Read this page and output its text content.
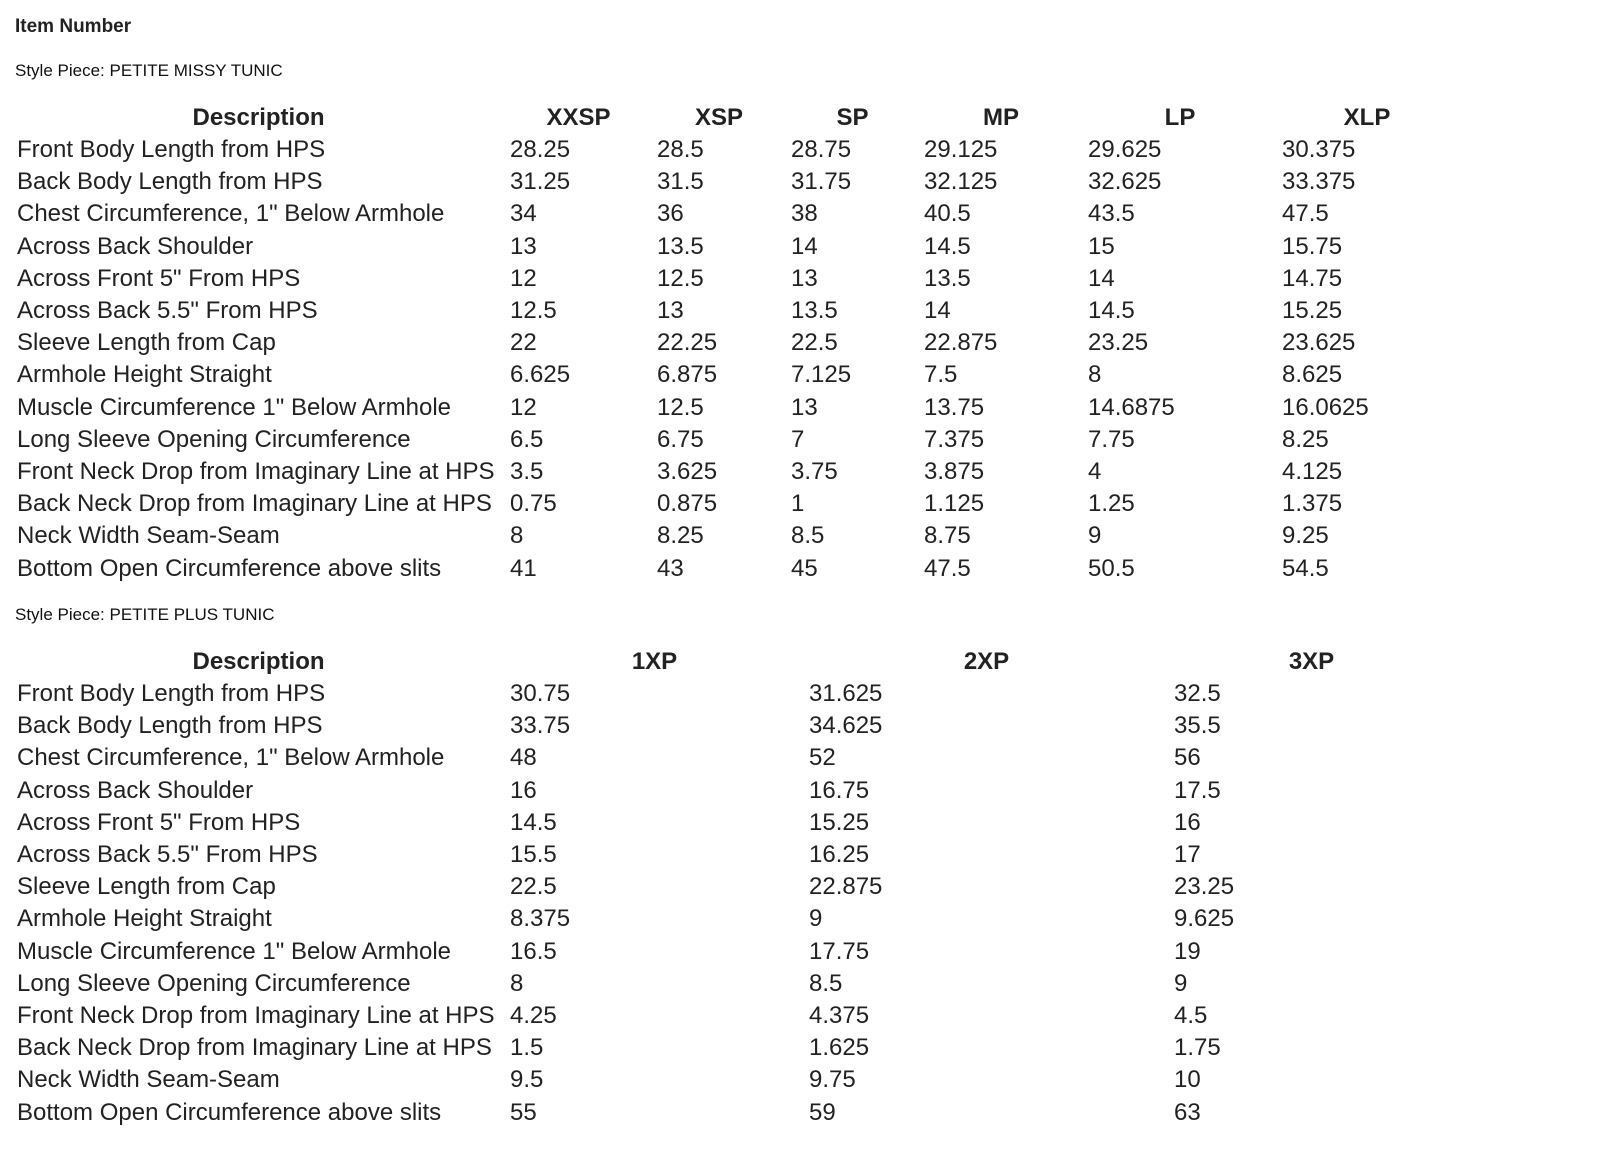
Item Number
Style Piece: PETITE MISSY TUNIC
Description	XXSP	XSP	SP	MP	LP	XLP
Front Body Length from HPS	28.25	28.5	28.75	29.125	29.625	30.375
Back Body Length from HPS	31.25	31.5	31.75	32.125	32.625	33.375
Chest Circumference, 1" Below Armhole	34	36	38	40.5	43.5	47.5
Across Back Shoulder	13	13.5	14	14.5	15	15.75
Across Front 5" From HPS	12	12.5	13	13.5	14	14.75
Across Back 5.5" From HPS	12.5	13	13.5	14	14.5	15.25
Sleeve Length from Cap	22	22.25	22.5	22.875	23.25	23.625
Armhole Height Straight	6.625	6.875	7.125	7.5	8	8.625
Muscle Circumference 1" Below Armhole	12	12.5	13	13.75	14.6875	16.0625
Long Sleeve Opening Circumference	6.5	6.75	7	7.375	7.75	8.25
Front Neck Drop from Imaginary Line at HPS	3.5	3.625	3.75	3.875	4	4.125
Back Neck Drop from Imaginary Line at HPS	0.75	0.875	1	1.125	1.25	1.375
Neck Width Seam-Seam	8	8.25	8.5	8.75	9	9.25
Bottom Open Circumference above slits	41	43	45	47.5	50.5	54.5
Style Piece: PETITE PLUS TUNIC
Description	1XP	2XP	3XP
Front Body Length from HPS	30.75	31.625	32.5
Back Body Length from HPS	33.75	34.625	35.5
Chest Circumference, 1" Below Armhole	48	52	56
Across Back Shoulder	16	16.75	17.5
Across Front 5" From HPS	14.5	15.25	16
Across Back 5.5" From HPS	15.5	16.25	17
Sleeve Length from Cap	22.5	22.875	23.25
Armhole Height Straight	8.375	9	9.625
Muscle Circumference 1" Below Armhole	16.5	17.75	19
Long Sleeve Opening Circumference	8	8.5	9
Front Neck Drop from Imaginary Line at HPS	4.25	4.375	4.5
Back Neck Drop from Imaginary Line at HPS	1.5	1.625	1.75
Neck Width Seam-Seam	9.5	9.75	10
Bottom Open Circumference above slits	55	59	63
